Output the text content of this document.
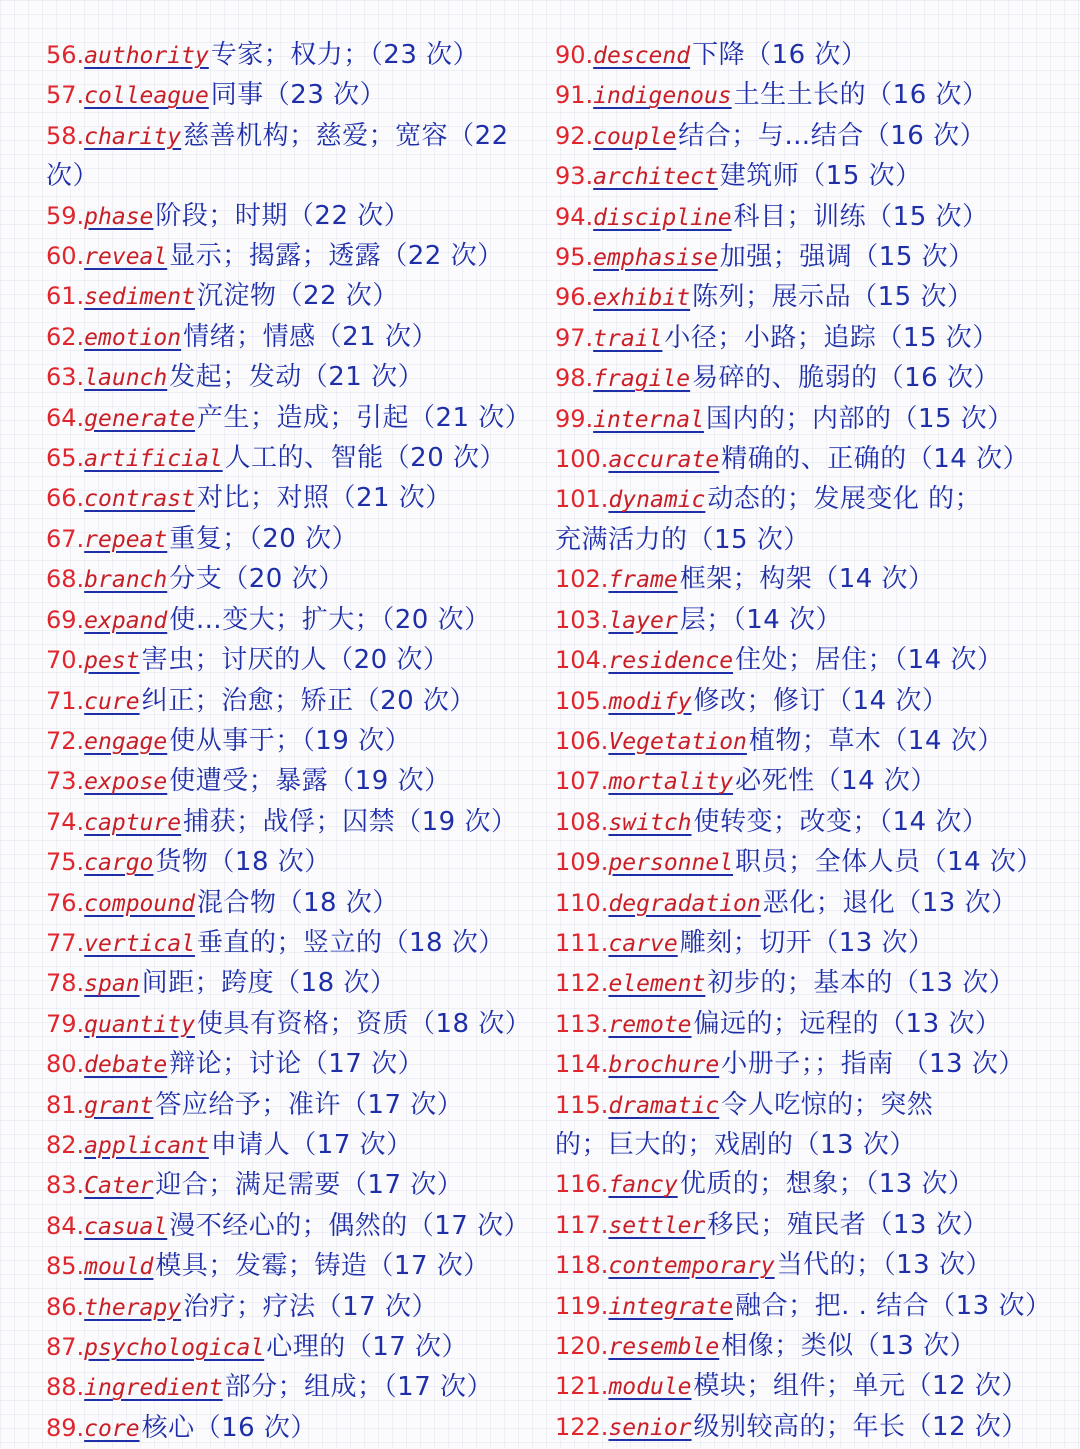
56. authority 专家；权力；（23 次）
57. colleague 同事（23 次）
58. charity 慈善机构；慈爱；宽容（22
次）
59. phase 阶段；时期（22 次）
60. reveal 显示；揭露；透露（22 次）
61. sediment 沉淀物（22 次）
62. emotion 情绪；情感（21 次）
63. launch 发起；发动（21 次）
64. generate 产生；造成；引起（21 次）
65. artificial 人工的、智能（20 次）
66. contrast 对比；对照（21 次）
67. repeat 重复；（20 次）
68. branch 分支（20 次）
69. expand 使…变大；扩大；（20 次）
70. pest 害虫；讨厌的人（20 次）
71. cure 纠正；治愈；矫正（20 次）
72. engage 使从事于；（19 次）
73. expose 使遭受；暴露（19 次）
74. capture 捕获；战俘；囚禁（19 次）
75. cargo 货物（18 次）
76. compound 混合物（18 次）
77. vertical 垂直的；竖立的（18 次）
78. span 间距；跨度（18 次）
79. quantity 使具有资格；资质（18 次）
80. debate 辩论；讨论（17 次）
81. grant 答应给予；准许（17 次）
82. applicant 申请人（17 次）
83. Cater 迎合；满足需要（17 次）
84. casual 漫不经心的；偶然的（17 次）
85. mould 模具；发霉；铸造（17 次）
86. therapy 治疗；疗法（17 次）
87. psychological 心理的（17 次）
88. ingredient 部分；组成；（17 次）
89. core 核心（16 次）
90. descend 下降（16 次）
91. indigenous 土生土长的（16 次）
92. couple 结合；与…结合（16 次）
93. architect 建筑师（15 次）
94. discipline 科目；训练（15 次）
95. emphasise 加强；强调（15 次）
96. exhibit 陈列；展示品（15 次）
97. trail 小径；小路；追踪（15 次）
98. fragile 易碎的、脆弱的（16 次）
99. internal 国内的；内部的（15 次）
100. accurate 精确的、正确的（14 次）
101. dynamic 动态的；发展变化 的；
充满活力的（15 次）
102. frame 框架；构架（14 次）
103. layer 层；（14 次）
104. residence 住处；居住；（14 次）
105. modify 修改；修订（14 次）
106. Vegetation 植物；草木（14 次）
107. mortality 必死性（14 次）
108. switch 使转变；改变；（14 次）
109. personnel 职员；全体人员（14 次）
110. degradation 恶化；退化（13 次）
111. carve 雕刻；切开（13 次）
112. element 初步的；基本的（13 次）
113. remote 偏远的；远程的（13 次）
114. brochure 小册子；；指南 （13 次）
115. dramatic 令人吃惊的；突然
的；巨大的；戏剧的（13 次）
116. fancy 优质的；想象；（13 次）
117. settler 移民；殖民者（13 次）
118. contemporary 当代的；（13 次）
119. integrate 融合；把. . 结合（13 次）
120. resemble 相像；类似（13 次）
121. module 模块；组件；单元（12 次）
122. senior 级别较高的；年长（12 次）
